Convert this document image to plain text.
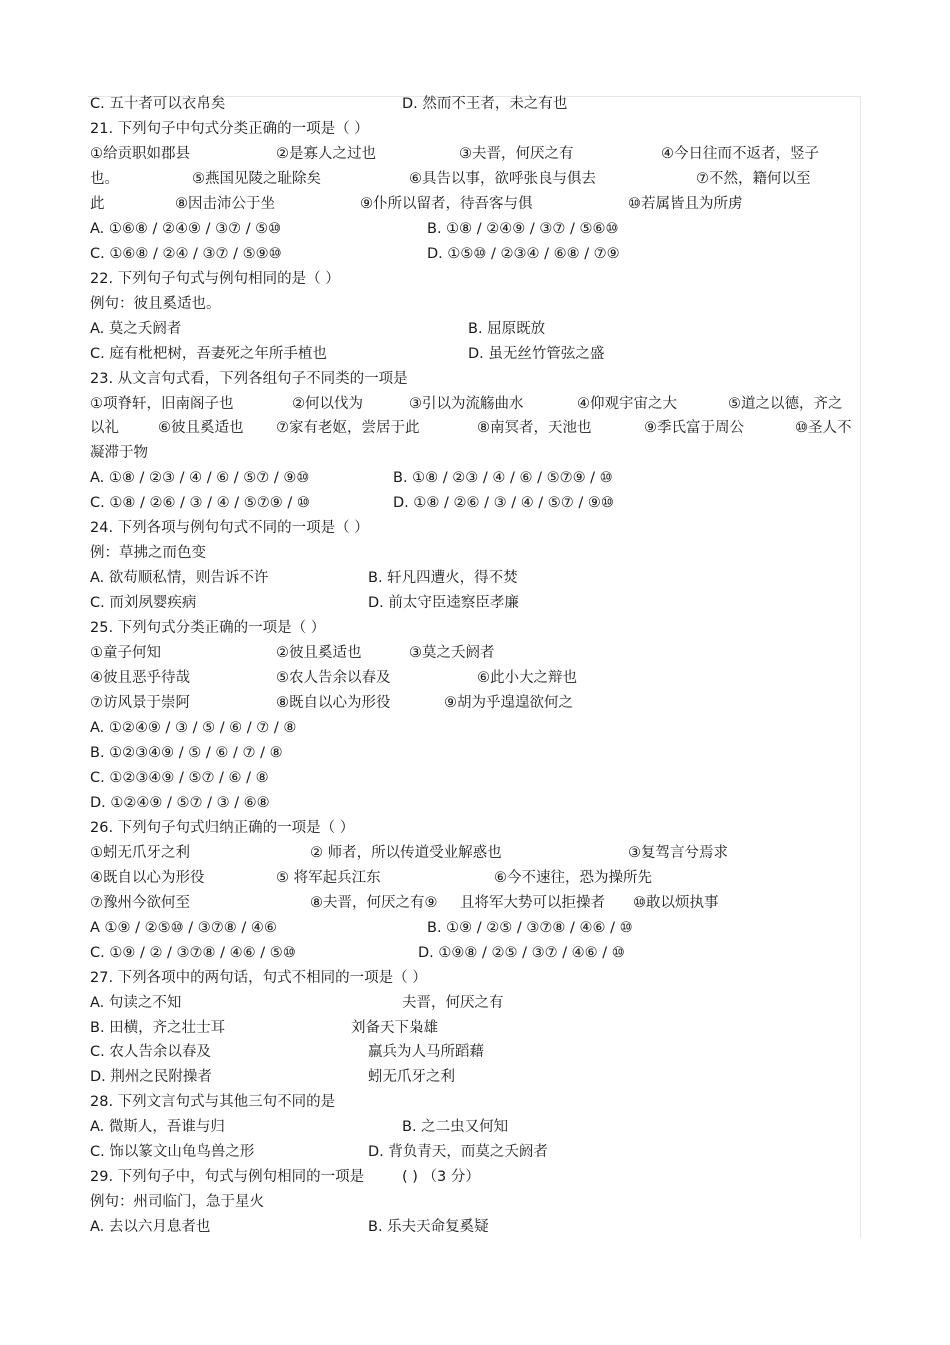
C. 五十者可以衣帛矣	D. 然而不王者，未之有也
21. 下列句子中句式分类正确的一项是（ ）
①给贡职如郡县	②是寡人之过也	③夫晋，何厌之有	④今日往而不返者，竖子
也。	⑤燕国见陵之耻除矣	⑥具告以事，欲呼张良与俱去	⑦不然，籍何以至
此	⑧因击沛公于坐	⑨仆所以留者，待吾客与俱	⑩若属皆且为所虏
A. ①⑥⑧ / ②④⑨ / ③⑦ / ⑤⑩	B. ①⑧ / ②④⑨ / ③⑦ / ⑤⑥⑩
C. ①⑥⑧ / ②④ / ③⑦ / ⑤⑨⑩	D. ①⑤⑩ / ②③④ / ⑥⑧ / ⑦⑨
22. 下列句子句式与例句相同的是（ ）
例句：彼且奚适也。
A. 莫之夭阏者	B. 屈原既放
C. 庭有枇杷树，吾妻死之年所手植也	D. 虽无丝竹管弦之盛
23. 从文言句式看，下列各组句子不同类的一项是
①项脊轩，旧南阁子也	②何以伐为	③引以为流觞曲水	④仰观宇宙之大	⑤道之以德，齐之
以礼	⑥彼且奚适也 ⑦家有老妪，尝居于此	⑧南冥者，天池也	⑨季氏富于周公	⑩圣人不
凝滞于物
A. ①⑧ / ②③ / ④ / ⑥ / ⑤⑦ / ⑨⑩	B. ①⑧ / ②③ / ④ / ⑥ / ⑤⑦⑨ / ⑩
C. ①⑧ / ②⑥ / ③ / ④ / ⑤⑦⑨ / ⑩	D. ①⑧ / ②⑥ / ③ / ④ / ⑤⑦ / ⑨⑩
24. 下列各项与例句句式不同的一项是（ ）
例：草拂之而色变
A. 欲苟顺私情，则告诉不许	B. 轩凡四遭火，得不焚
C. 而刘夙婴疾病	D. 前太守臣逵察臣孝廉
25. 下列句式分类正确的一项是（ ）
①童子何知	②彼且奚适也	③莫之夭阏者
④彼且恶乎待哉	⑤农人告余以春及	⑥此小大之辩也
⑦访风景于崇阿	⑧既自以心为形役	⑨胡为乎遑遑欲何之
A. ①②④⑨ / ③ / ⑤ / ⑥ / ⑦ / ⑧
B. ①②③④⑨ / ⑤ / ⑥ / ⑦ / ⑧
C. ①②③④⑨ / ⑤⑦ / ⑥ / ⑧
D. ①②④⑨ / ⑤⑦ / ③ / ⑥⑧
26. 下列句子句式归纳正确的一项是（ ）
①蚓无爪牙之利	② 师者，所以传道受业解惑也	③复驾言兮焉求
④既自以心为形役	⑤ 将军起兵江东	⑥今不速往，恐为操所先
⑦豫州今欲何至	⑧夫晋，何厌之有⑨ 且将军大势可以拒操者 ⑩敢以烦执事
A ①⑨ / ②⑤⑩ / ③⑦⑧ / ④⑥	B. ①⑨ / ②⑤ / ③⑦⑧ / ④⑥ / ⑩
C. ①⑨ / ② / ③⑦⑧ / ④⑥ / ⑤⑩	D. ①⑨⑧ / ②⑤ / ③⑦ / ④⑥ / ⑩
27. 下列各项中的两句话，句式不相同的一项是（ ）
A. 句读之不知	夫晋，何厌之有
B. 田横，齐之壮士耳	刘备天下枭雄
C. 农人告余以春及	羸兵为人马所蹈藉
D. 荆州之民附操者	蚓无爪牙之利
28. 下列文言句式与其他三句不同的是
A. 微斯人，吾谁与归	B. 之二虫又何知
C. 饰以篆文山龟鸟兽之形	D. 背负青天，而莫之夭阏者
29. 下列句子中，句式与例句相同的一项是	( ) （3 分）
例句：州司临门，急于星火
A. 去以六月息者也	B. 乐夫天命复奚疑
